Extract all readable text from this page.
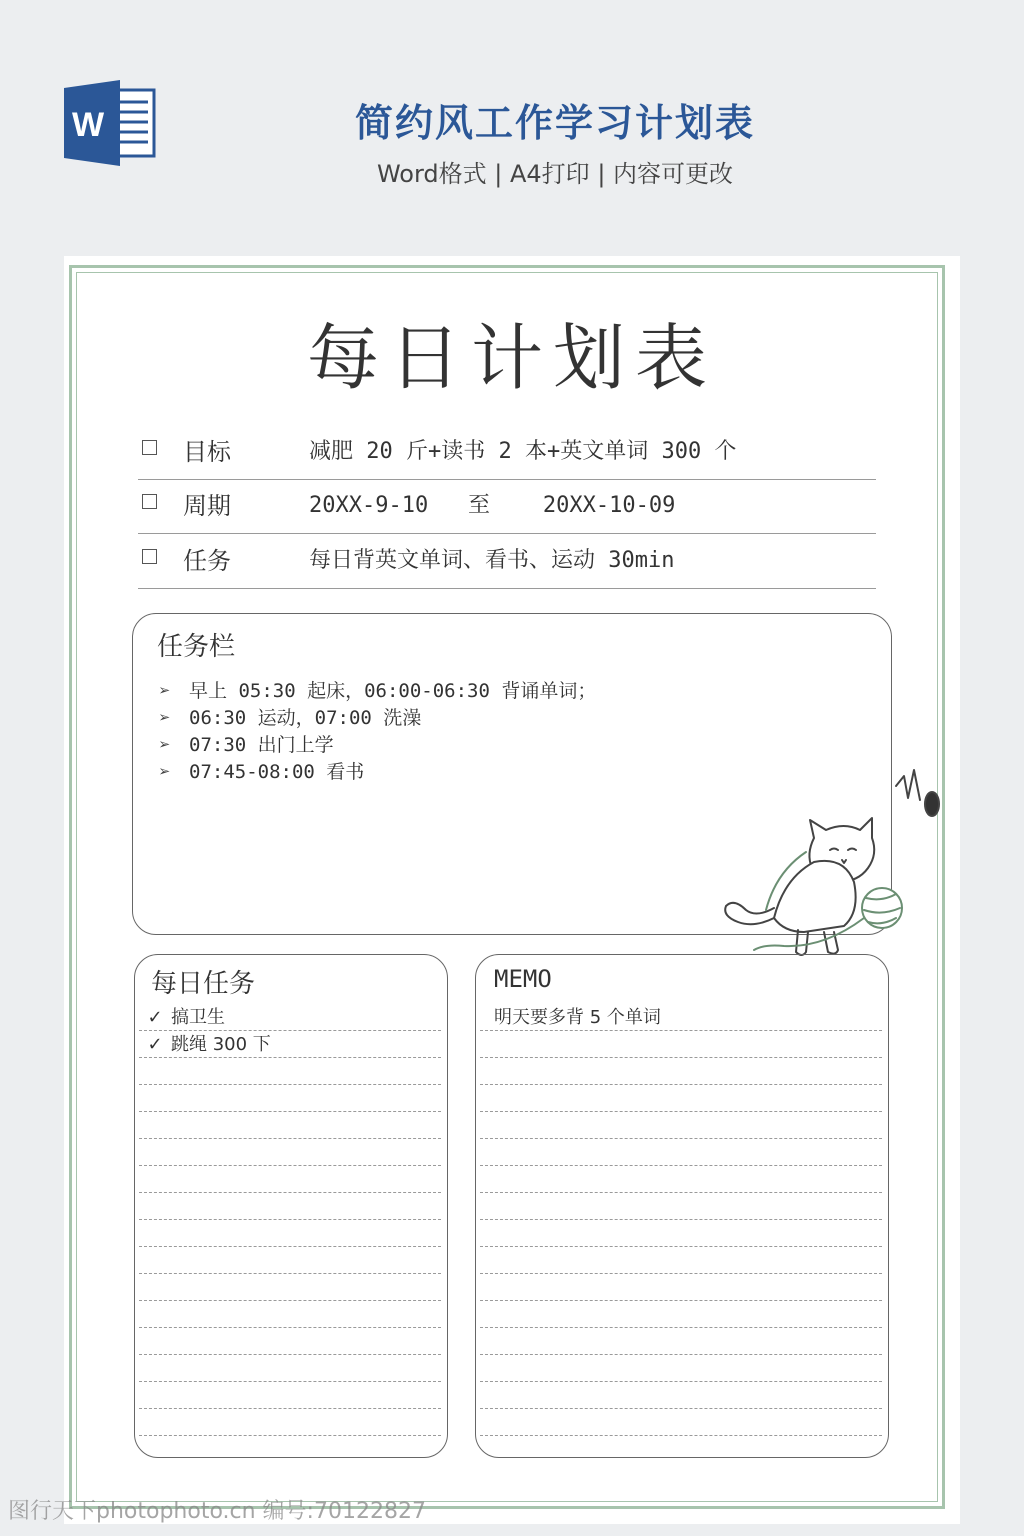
W	简约风工作学习计划表
Word格式 | A4打印 | 内容可更改
每日计划表
目标	减肥 20 斤+读书 2 本+英文单词 300 个
周期	20XX-9-10   至    20XX-10-09
任务	每日背英文单词、看书、运动 30min
任务栏
➢ 早上 05:30 起床，06:00-06:30 背诵单词；
➢ 06:30 运动，07:00 洗澡
➢ 07:30 出门上学
➢ 07:45-08:00 看书
每日任务
✓ 搞卫生
✓ 跳绳 300 下
MEMO
明天要多背 5 个单词
图行天下photophoto.cn 编号:70122827
